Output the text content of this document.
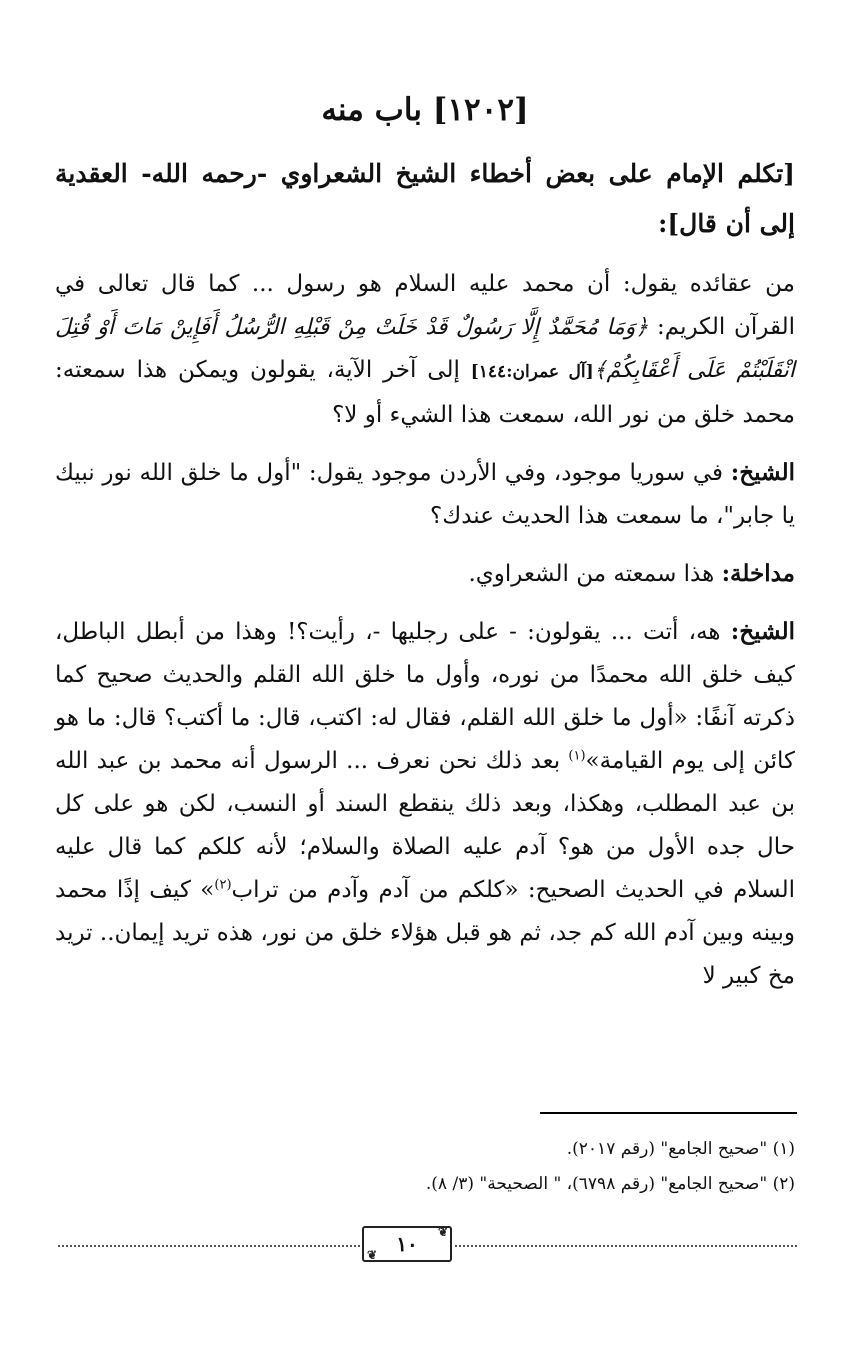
[١٢٠٢] باب منه
[تكلم الإمام على بعض أخطاء الشيخ الشعراوي -رحمه الله- العقدية إلى أن قال]:
من عقائده يقول: أن محمد عليه السلام هو رسول ... كما قال تعالى في القرآن الكريم: ﴿وَمَا مُحَمَّدٌ إِلَّا رَسُولٌ قَدْ خَلَتْ مِنْ قَبْلِهِ الرُّسُلُ أَفَإِينْ مَاتَ أَوْ قُتِلَ انْقَلَبْتُمْ عَلَى أَعْقَابِكُمْ﴾[آل عمران:١٤٤] إلى آخر الآية، يقولون ويمكن هذا سمعته: محمد خلق من نور الله، سمعت هذا الشيء أو لا؟
الشيخ: في سوريا موجود، وفي الأردن موجود يقول: "أول ما خلق الله نور نبيك يا جابر"، ما سمعت هذا الحديث عندك؟
مداخلة: هذا سمعته من الشعراوي.
الشيخ: هه، أتت ... يقولون: - على رجليها -، رأيت؟! وهذا من أبطل الباطل، كيف خلق الله محمدًا من نوره، وأول ما خلق الله القلم والحديث صحيح كما ذكرته آنفًا: «أول ما خلق الله القلم، فقال له: اكتب، قال: ما أكتب؟ قال: ما هو كائن إلى يوم القيامة»$^{(١)}$ بعد ذلك نحن نعرف ... الرسول أنه محمد بن عبد الله بن عبد المطلب، وهكذا، وبعد ذلك ينقطع السند أو النسب، لكن هو على كل حال جده الأول من هو؟ آدم عليه الصلاة والسلام؛ لأنه كلكم كما قال عليه السلام في الحديث الصحيح: «كلكم من آدم وآدم من تراب$^{(٢)}$» كيف إذًا محمد وبينه وبين آدم الله كم جد، ثم هو قبل هؤلاء خلق من نور، هذه تريد إيمان.. تريد مخ كبير لا

(١) "صحيح الجامع" (رقم ٢٠١٧).

(٢) "صحيح الجامع" (رقم ٦٧٩٨)، " الصحيحة" (٣/ ٨).

❦
١٠
❦
